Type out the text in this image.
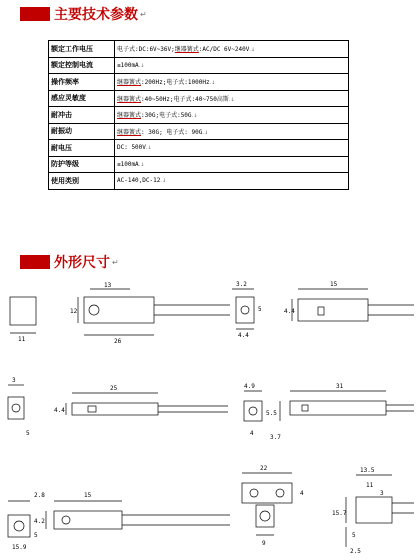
主要技术参数 ↵
额定工作电压	电子式:DC:6V~36V;继器簧式:AC/DC 6V~240V.↓
额定控制电流	≤100mA.↓
操作频率	继器簧式:200Hz;电子式:1000Hz.↓
感应灵敏度	继器簧式:40~50Hz;电子式:40~750高斯.↓
耐冲击	继器簧式:30G;电子式:50G.↓
耐振动	继器簧式: 30G; 电子式: 90G.↓
耐电压	DC: 500V.↓
防护等级	≤100mA.↓
使用类别	AC-140,DC-12.↓
外形尺寸 ↵
12
11
13
26
3.2	15
5
4.4
4.4
3
4.4
25
5
4.9	31
4
5.5
3.7
2.8	15
4.2
5
15.9
22	13.5
11
3
4
15.7
9
5
2.5
